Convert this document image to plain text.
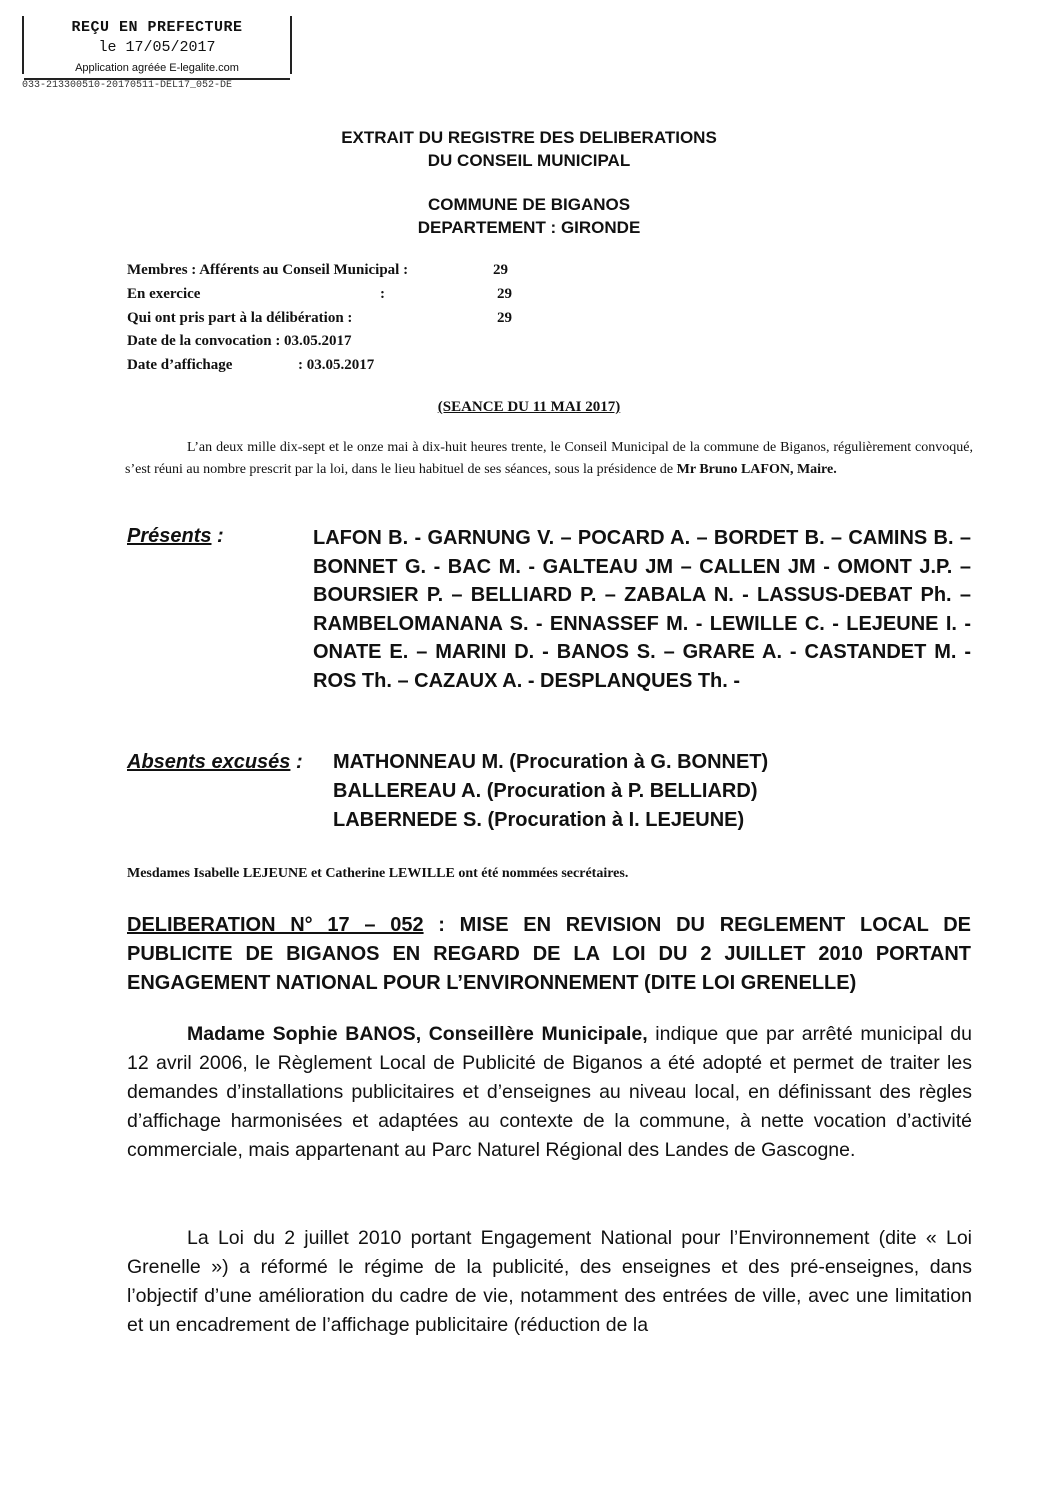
REÇU EN PREFECTURE
le 17/05/2017
Application agréée E-legalite.com
033-213300510-20170511-DEL17_052-DE
EXTRAIT DU REGISTRE DES DELIBERATIONS
DU CONSEIL MUNICIPAL
COMMUNE DE BIGANOS
DEPARTEMENT : GIRONDE
Membres : Afférents au Conseil Municipal :	29
En exercice	:	29
Qui ont pris part à la délibération :	29
Date de la convocation : 03.05.2017
Date d’affichage	: 03.05.2017
(SEANCE DU 11 MAI 2017)

L’an deux mille dix-sept et le onze mai à dix-huit heures trente, le Conseil Municipal de la commune de Biganos, régulièrement convoqué, s’est réuni au nombre prescrit par la loi, dans le lieu habituel de ses séances, sous la présidence de Mr Bruno LAFON, Maire.

Présents :	LAFON B. - GARNUNG V. – POCARD A. – BORDET B. – CAMINS B. – BONNET G. - BAC M. - GALTEAU JM – CALLEN JM - OMONT J.P. – BOURSIER P. – BELLIARD P. – ZABALA N. - LASSUS-DEBAT Ph. – RAMBELOMANANA S. - ENNASSEF M. - LEWILLE C. - LEJEUNE I. - ONATE E. – MARINI D. - BANOS S. – GRARE A. - CASTANDET M. - ROS Th. – CAZAUX A. - DESPLANQUES Th. -
Absents excusés : MATHONNEAU M. (Procuration à G. BONNET)
BALLEREAU A. (Procuration à P. BELLIARD)
LABERNEDE S. (Procuration à I. LEJEUNE)
Mesdames Isabelle LEJEUNE et Catherine LEWILLE ont été nommées secrétaires.
DELIBERATION N° 17 – 052 : MISE EN REVISION DU REGLEMENT LOCAL DE PUBLICITE DE BIGANOS EN REGARD DE LA LOI DU 2 JUILLET 2010 PORTANT ENGAGEMENT NATIONAL POUR L’ENVIRONNEMENT (DITE LOI GRENELLE)

Madame Sophie BANOS, Conseillère Municipale, indique que par arrêté municipal du 12 avril 2006, le Règlement Local de Publicité de Biganos a été adopté et permet de traiter les demandes d’installations publicitaires et d’enseignes au niveau local, en définissant des règles d’affichage harmonisées et adaptées au contexte de la commune, à nette vocation d’activité commerciale, mais appartenant au Parc Naturel Régional des Landes de Gascogne.

La Loi du 2 juillet 2010 portant Engagement National pour l’Environnement (dite « Loi Grenelle ») a réformé le régime de la publicité, des enseignes et des pré-enseignes, dans l’objectif d’une amélioration du cadre de vie, notamment des entrées de ville, avec une limitation et un encadrement de l’affichage publicitaire (réduction de la
